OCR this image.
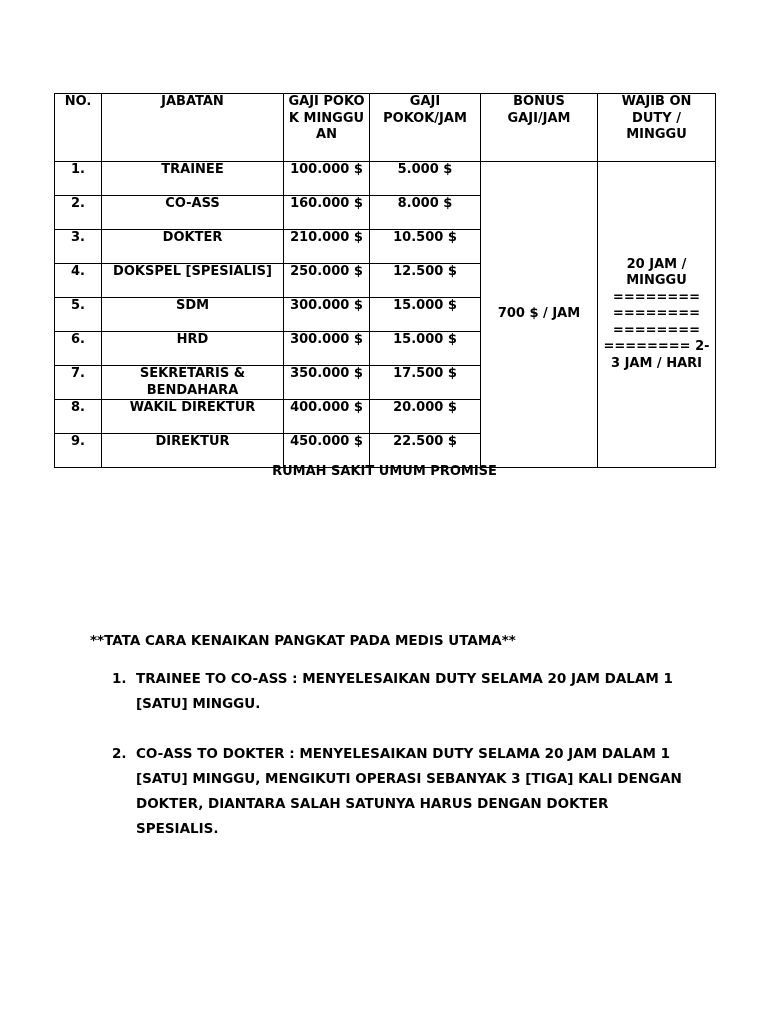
NO.	JABATAN	GAJI POKOK MINGGU AN	GAJI POKOK/JAM	BONUS GAJI/JAM	WAJIB ON DUTY / MINGGU
1.	TRAINEE	100.000 $	5.000 $	700 $ / JAM	20 JAM / MINGGU ======== ======== ======== ======== 2-3 JAM / HARI
2.	CO-ASS	160.000 $	8.000 $		
3.	DOKTER	210.000 $	10.500 $		
4.	DOKSPEL [SPESIALIS]	250.000 $	12.500 $		
5.	SDM	300.000 $	15.000 $		
6.	HRD	300.000 $	15.000 $		
7.	SEKRETARIS & BENDAHARA	350.000 $	17.500 $		
8.	WAKIL DIREKTUR	400.000 $	20.000 $		
9.	DIREKTUR	450.000 $	22.500 $		
RUMAH SAKIT UMUM PROMISE
**TATA CARA KENAIKAN PANGKAT PADA MEDIS UTAMA**
1. TRAINEE TO CO-ASS : MENYELESAIKAN DUTY SELAMA 20 JAM DALAM 1 [SATU] MINGGU.
2. CO-ASS TO DOKTER : MENYELESAIKAN DUTY SELAMA 20 JAM DALAM 1 [SATU] MINGGU, MENGIKUTI OPERASI SEBANYAK 3 [TIGA] KALI DENGAN DOKTER, DIANTARA SALAH SATUNYA HARUS DENGAN DOKTER SPESIALIS.
